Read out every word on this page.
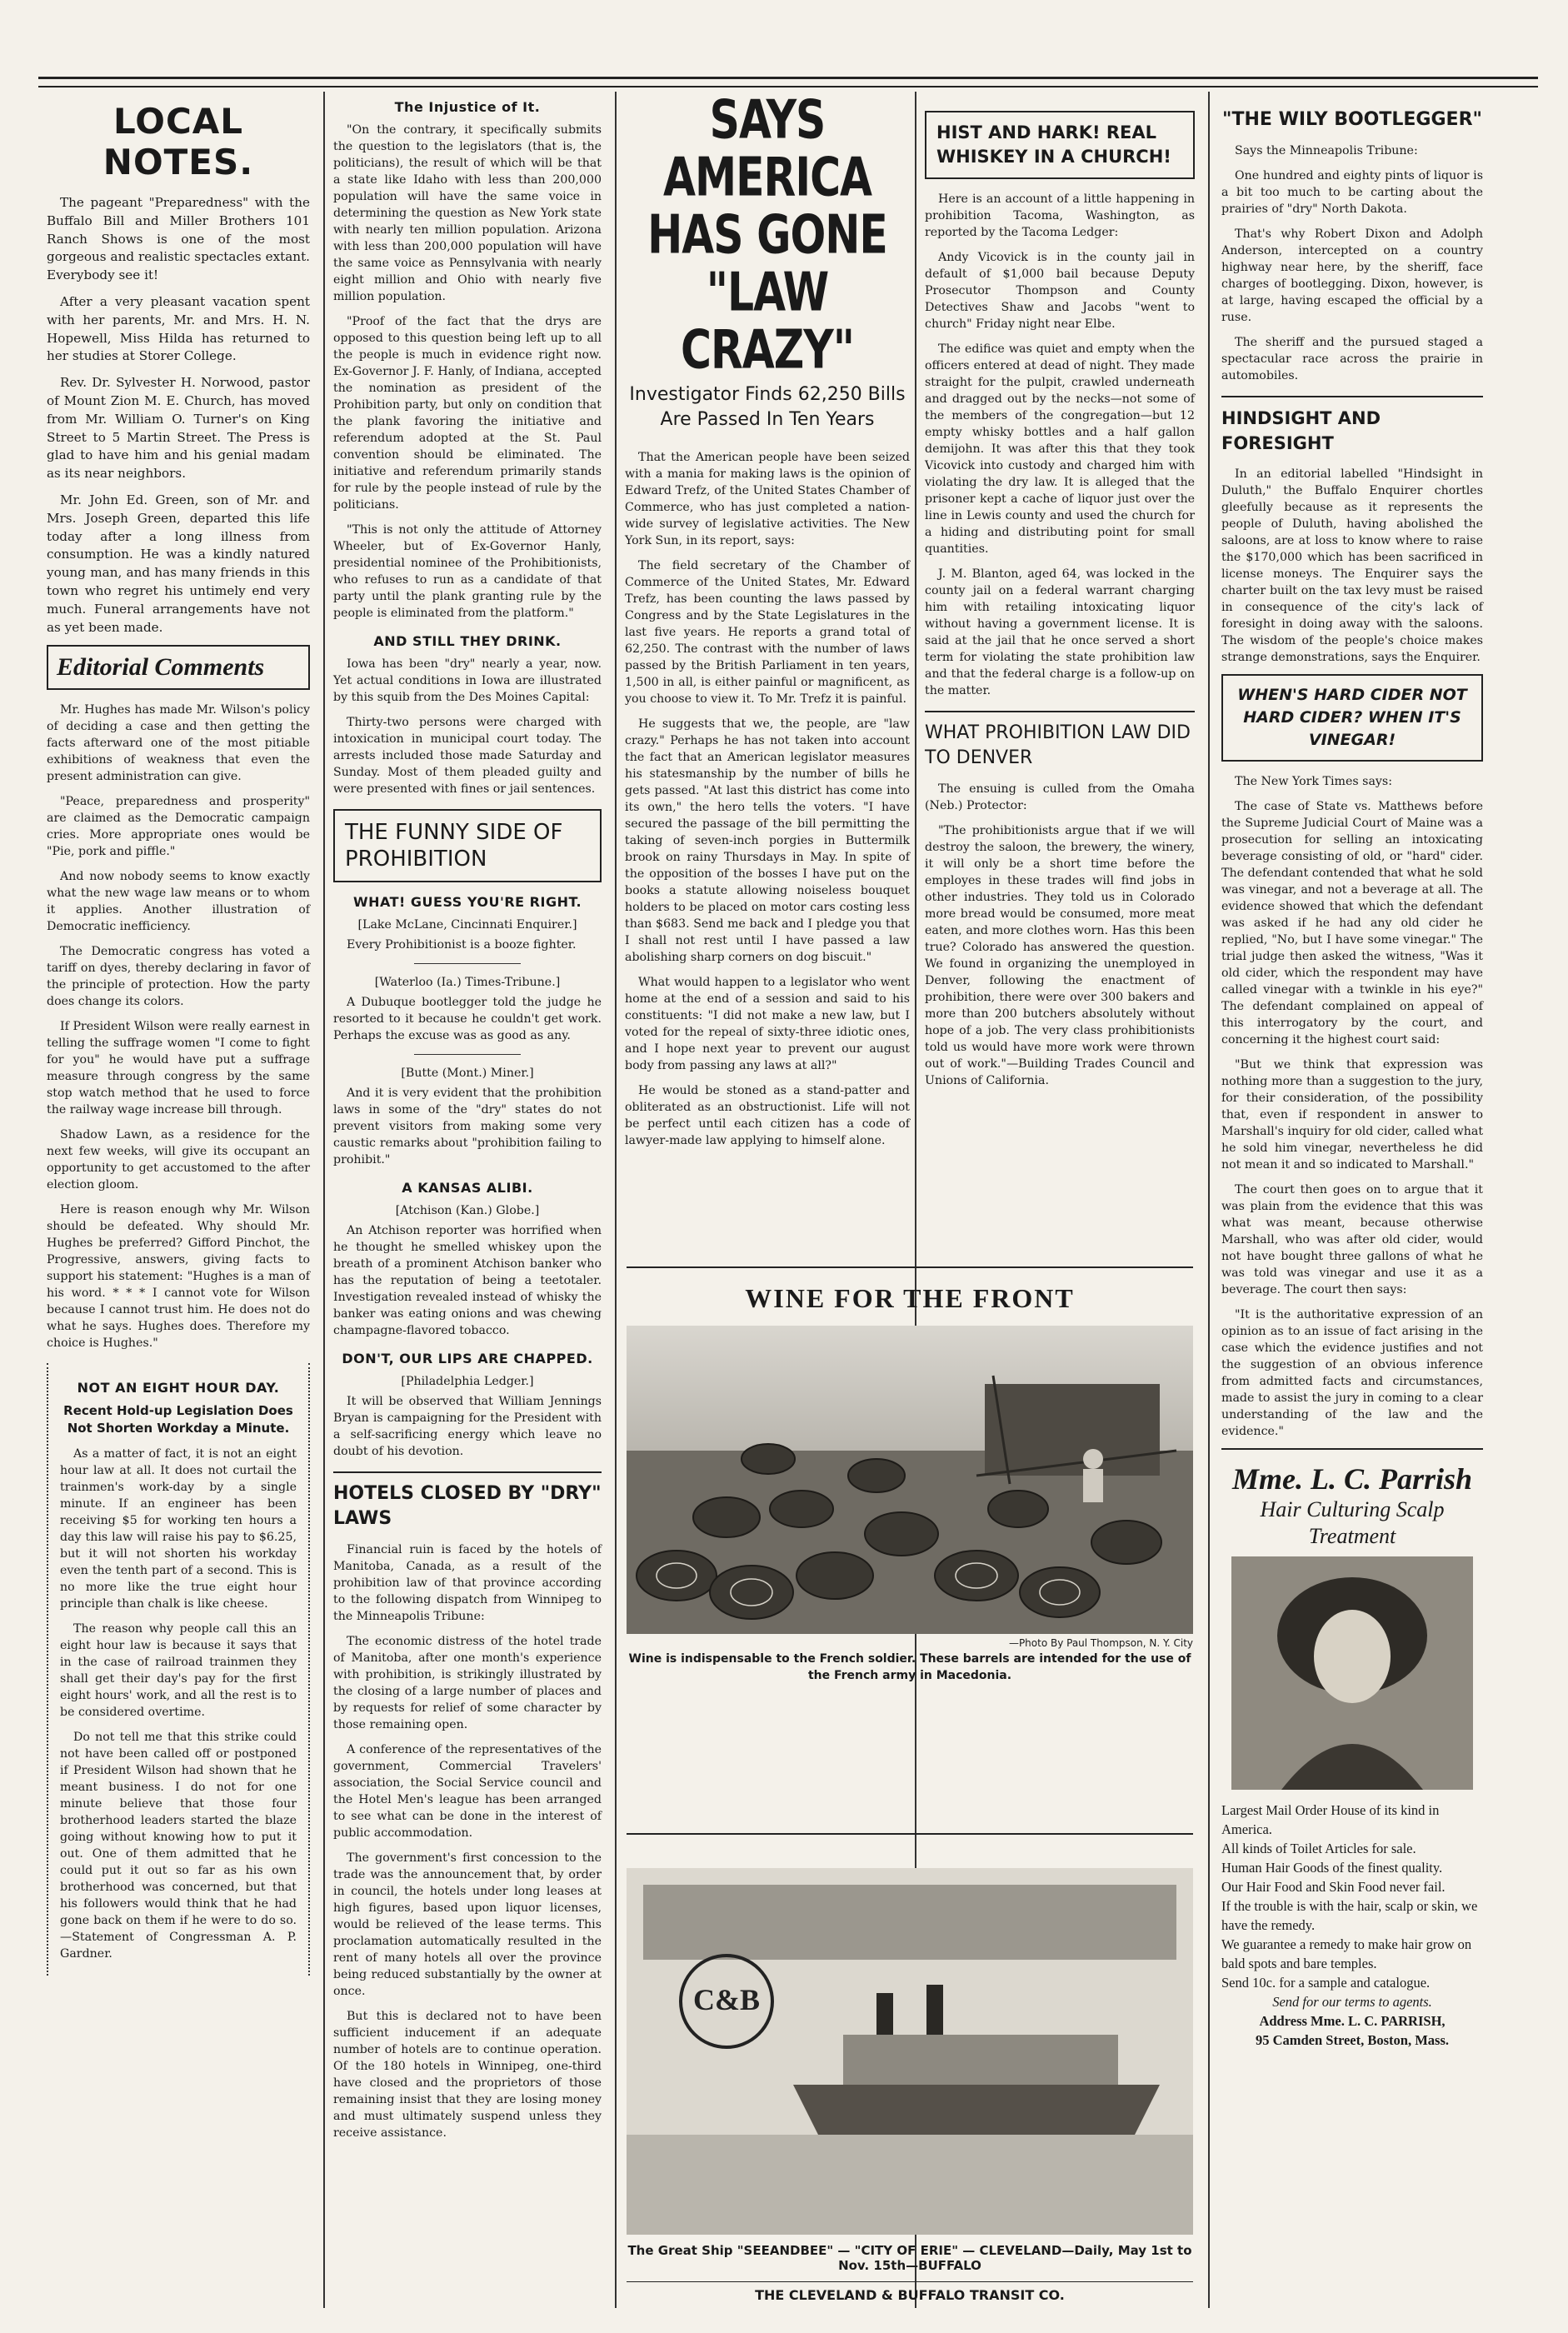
LOCAL NOTES.

The pageant "Preparedness" with the Buffalo Bill and Miller Brothers 101 Ranch Shows is one of the most gorgeous and realistic spectacles extant. Everybody see it!

After a very pleasant vacation spent with her parents, Mr. and Mrs. H. N. Hopewell, Miss Hilda has returned to her studies at Storer College.

Rev. Dr. Sylvester H. Norwood, pastor of Mount Zion M. E. Church, has moved from Mr. William O. Turner's on King Street to 5 Martin Street. The Press is glad to have him and his genial madam as its near neighbors.

Mr. John Ed. Green, son of Mr. and Mrs. Joseph Green, departed this life today after a long illness from consumption. He was a kindly natured young man, and has many friends in this town who regret his untimely end very much. Funeral arrangements have not as yet been made.

Editorial Comments

Mr. Hughes has made Mr. Wilson's policy of deciding a case and then getting the facts afterward one of the most pitiable exhibitions of weakness that even the present administration can give.

"Peace, preparedness and prosperity" are claimed as the Democratic campaign cries. More appropriate ones would be "Pie, pork and piffle."

And now nobody seems to know exactly what the new wage law means or to whom it applies. Another illustration of Democratic inefficiency.

The Democratic congress has voted a tariff on dyes, thereby declaring in favor of the principle of protection. How the party does change its colors.

If President Wilson were really earnest in telling the suffrage women "I come to fight for you" he would have put a suffrage measure through congress by the same stop watch method that he used to force the railway wage increase bill through.

Shadow Lawn, as a residence for the next few weeks, will give its occupant an opportunity to get accustomed to the after election gloom.

Here is reason enough why Mr. Wilson should be defeated. Why should Mr. Hughes be preferred? Gifford Pinchot, the Progressive, answers, giving facts to support his statement: "Hughes is a man of his word. * * * I cannot vote for Wilson because I cannot trust him. He does not do what he says. Hughes does. Therefore my choice is Hughes."

NOT AN EIGHT HOUR DAY.
Recent Hold-up Legislation Does Not Shorten Workday a Minute.

As a matter of fact, it is not an eight hour law at all. It does not curtail the trainmen's work-day by a single minute. If an engineer has been receiving $5 for working ten hours a day this law will raise his pay to $6.25, but it will not shorten his workday even the tenth part of a second. This is no more like the true eight hour principle than chalk is like cheese.

The reason why people call this an eight hour law is because it says that in the case of railroad trainmen they shall get their day's pay for the first eight hours' work, and all the rest is to be considered overtime.

Do not tell me that this strike could not have been called off or postponed if President Wilson had shown that he meant business. I do not for one minute believe that those four brotherhood leaders started the blaze going without knowing how to put it out. One of them admitted that he could put it out so far as his own brotherhood was concerned, but that his followers would think that he had gone back on them if he were to do so. —Statement of Congressman A. P. Gardner.

The Injustice of It.

"On the contrary, it specifically submits the question to the legislators (that is, the politicians), the result of which will be that a state like Idaho with less than 200,000 population will have the same voice in determining the question as New York state with nearly ten million population. Arizona with less than 200,000 population will have the same voice as Pennsylvania with nearly eight million and Ohio with nearly five million population.

"Proof of the fact that the drys are opposed to this question being left up to all the people is much in evidence right now. Ex-Governor J. F. Hanly, of Indiana, accepted the nomination as president of the Prohibition party, but only on condition that the plank favoring the initiative and referendum adopted at the St. Paul convention should be eliminated. The initiative and referendum primarily stands for rule by the people instead of rule by the politicians.

"This is not only the attitude of Attorney Wheeler, but of Ex-Governor Hanly, presidential nominee of the Prohibitionists, who refuses to run as a candidate of that party until the plank granting rule by the people is eliminated from the platform."

AND STILL THEY DRINK.

Iowa has been "dry" nearly a year, now. Yet actual conditions in Iowa are illustrated by this squib from the Des Moines Capital:

Thirty-two persons were charged with intoxication in municipal court today. The arrests included those made Saturday and Sunday. Most of them pleaded guilty and were presented with fines or jail sentences.

THE FUNNY SIDE OF PROHIBITION
WHAT! GUESS YOU'RE RIGHT.

[Lake McLane, Cincinnati Enquirer.]

Every Prohibitionist is a booze fighter.

[Waterloo (Ia.) Times-Tribune.]

A Dubuque bootlegger told the judge he resorted to it because he couldn't get work. Perhaps the excuse was as good as any.

[Butte (Mont.) Miner.]

And it is very evident that the prohibition laws in some of the "dry" states do not prevent visitors from making some very caustic remarks about "prohibition failing to prohibit."

A KANSAS ALIBI.

[Atchison (Kan.) Globe.]

An Atchison reporter was horrified when he thought he smelled whiskey upon the breath of a prominent Atchison banker who has the reputation of being a teetotaler. Investigation revealed instead of whisky the banker was eating onions and was chewing champagne-flavored tobacco.

DON'T, OUR LIPS ARE CHAPPED.

[Philadelphia Ledger.]

It will be observed that William Jennings Bryan is campaigning for the President with a self-sacrificing energy which leave no doubt of his devotion.

HOTELS CLOSED BY "DRY" LAWS

Financial ruin is faced by the hotels of Manitoba, Canada, as a result of the prohibition law of that province according to the following dispatch from Winnipeg to the Minneapolis Tribune:

The economic distress of the hotel trade of Manitoba, after one month's experience with prohibition, is strikingly illustrated by the closing of a large number of places and by requests for relief of some character by those remaining open.

A conference of the representatives of the government, Commercial Travelers' association, the Social Service council and the Hotel Men's league has been arranged to see what can be done in the interest of public accommodation.

The government's first concession to the trade was the announcement that, by order in council, the hotels under long leases at high figures, based upon liquor licenses, would be relieved of the lease terms. This proclamation automatically resulted in the rent of many hotels all over the province being reduced substantially by the owner at once.

But this is declared not to have been sufficient inducement if an adequate number of hotels are to continue operation. Of the 180 hotels in Winnipeg, one-third have closed and the proprietors of those remaining insist that they are losing money and must ultimately suspend unless they receive assistance.

SAYS AMERICA HAS GONE "LAW CRAZY"
Investigator Finds 62,250 Bills Are Passed In Ten Years

That the American people have been seized with a mania for making laws is the opinion of Edward Trefz, of the United States Chamber of Commerce, who has just completed a nation-wide survey of legislative activities. The New York Sun, in its report, says:

The field secretary of the Chamber of Commerce of the United States, Mr. Edward Trefz, has been counting the laws passed by Congress and by the State Legislatures in the last five years. He reports a grand total of 62,250. The contrast with the number of laws passed by the British Parliament in ten years, 1,500 in all, is either painful or magnificent, as you choose to view it. To Mr. Trefz it is painful.

He suggests that we, the people, are "law crazy." Perhaps he has not taken into account the fact that an American legislator measures his statesmanship by the number of bills he gets passed. "At last this district has come into its own," the hero tells the voters. "I have secured the passage of the bill permitting the taking of seven-inch porgies in Buttermilk brook on rainy Thursdays in May. In spite of the opposition of the bosses I have put on the books a statute allowing noiseless bouquet holders to be placed on motor cars costing less than $683. Send me back and I pledge you that I shall not rest until I have passed a law abolishing sharp corners on dog biscuit."

What would happen to a legislator who went home at the end of a session and said to his constituents: "I did not make a new law, but I voted for the repeal of sixty-three idiotic ones, and I hope next year to prevent our august body from passing any laws at all?"

He would be stoned as a stand-patter and obliterated as an obstructionist. Life will not be perfect until each citizen has a code of lawyer-made law applying to himself alone.

HIST AND HARK! REAL WHISKEY IN A CHURCH!

Here is an account of a little happening in prohibition Tacoma, Washington, as reported by the Tacoma Ledger:

Andy Vicovick is in the county jail in default of $1,000 bail because Deputy Prosecutor Thompson and County Detectives Shaw and Jacobs "went to church" Friday night near Elbe.

The edifice was quiet and empty when the officers entered at dead of night. They made straight for the pulpit, crawled underneath and dragged out by the necks—not some of the members of the congregation—but 12 empty whisky bottles and a half gallon demijohn. It was after this that they took Vicovick into custody and charged him with violating the dry law. It is alleged that the prisoner kept a cache of liquor just over the line in Lewis county and used the church for a hiding and distributing point for small quantities.

J. M. Blanton, aged 64, was locked in the county jail on a federal warrant charging him with retailing intoxicating liquor without having a government license. It is said at the jail that he once served a short term for violating the state prohibition law and that the federal charge is a follow-up on the matter.

WHAT PROHIBITION LAW DID TO DENVER

The ensuing is culled from the Omaha (Neb.) Protector:

"The prohibitionists argue that if we will destroy the saloon, the brewery, the winery, it will only be a short time before the employes in these trades will find jobs in other industries. They told us in Colorado more bread would be consumed, more meat eaten, and more clothes worn. Has this been true? Colorado has answered the question. We found in organizing the unemployed in Denver, following the enactment of prohibition, there were over 300 bakers and more than 200 butchers absolutely without hope of a job. The very class prohibitionists told us would have more work were thrown out of work."—Building Trades Council and Unions of California.

WINE FOR THE FRONT
—Photo By Paul Thompson, N. Y. City
Wine is indispensable to the French soldier. These barrels are intended for the use of the French army in Macedonia.
C&B
The Great Ship "SEEANDBEE" — "CITY OF ERIE" — CLEVELAND—Daily, May 1st to Nov. 15th—BUFFALO
THE CLEVELAND & BUFFALO TRANSIT CO.
"THE WILY BOOTLEGGER"

Says the Minneapolis Tribune:

One hundred and eighty pints of liquor is a bit too much to be carting about the prairies of "dry" North Dakota.

That's why Robert Dixon and Adolph Anderson, intercepted on a country highway near here, by the sheriff, face charges of bootlegging. Dixon, however, is at large, having escaped the official by a ruse.

The sheriff and the pursued staged a spectacular race across the prairie in automobiles.

HINDSIGHT AND FORESIGHT

In an editorial labelled "Hindsight in Duluth," the Buffalo Enquirer chortles gleefully because as it represents the people of Duluth, having abolished the saloons, are at loss to know where to raise the $170,000 which has been sacrificed in license moneys. The Enquirer says the charter built on the tax levy must be raised in consequence of the city's lack of foresight in doing away with the saloons. The wisdom of the people's choice makes strange demonstrations, says the Enquirer.

WHEN'S HARD CIDER NOT HARD CIDER? WHEN IT'S VINEGAR!

The New York Times says:

The case of State vs. Matthews before the Supreme Judicial Court of Maine was a prosecution for selling an intoxicating beverage consisting of old, or "hard" cider. The defendant contended that what he sold was vinegar, and not a beverage at all. The evidence showed that which the defendant was asked if he had any old cider he replied, "No, but I have some vinegar." The trial judge then asked the witness, "Was it old cider, which the respondent may have called vinegar with a twinkle in his eye?" The defendant complained on appeal of this interrogatory by the court, and concerning it the highest court said:

"But we think that expression was nothing more than a suggestion to the jury, for their consideration, of the possibility that, even if respondent in answer to Marshall's inquiry for old cider, called what he sold him vinegar, nevertheless he did not mean it and so indicated to Marshall."

The court then goes on to argue that it was plain from the evidence that this was what was meant, because otherwise Marshall, who was after old cider, would not have bought three gallons of what he was told was vinegar and use it as a beverage. The court then says:

"It is the authoritative expression of an opinion as to an issue of fact arising in the case which the evidence justifies and not the suggestion of an obvious inference from admitted facts and circumstances, made to assist the jury in coming to a clear understanding of the law and the evidence."

Mme. L. C. Parrish
Hair Culturing Scalp Treatment
Largest Mail Order House of its kind in America.
All kinds of Toilet Articles for sale.
Human Hair Goods of the finest quality.
Our Hair Food and Skin Food never fail.
If the trouble is with the hair, scalp or skin, we have the remedy.
We guarantee a remedy to make hair grow on bald spots and bare temples.
Send 10c. for a sample and catalogue.
Send for our terms to agents.
Address Mme. L. C. PARRISH,
95 Camden Street, Boston, Mass.
